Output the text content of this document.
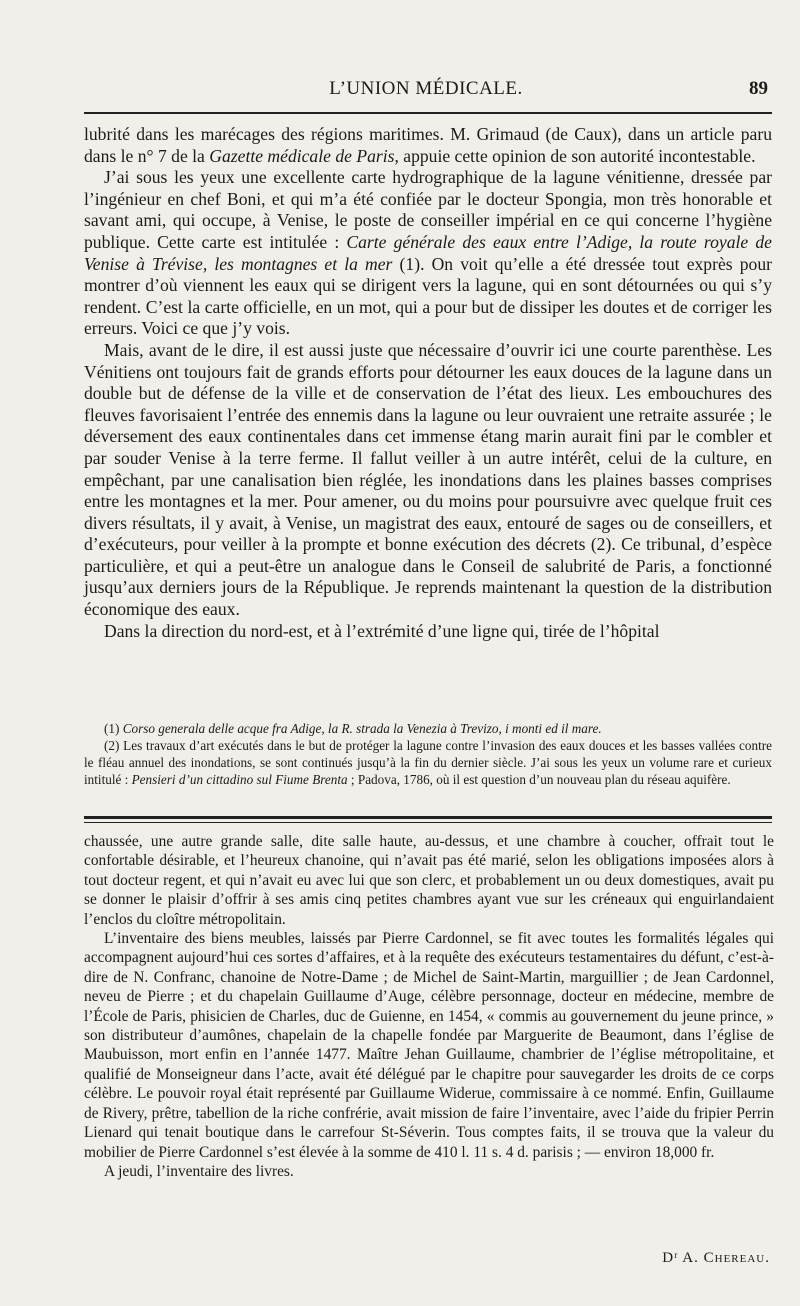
L’UNION MÉDICALE.	89

lubrité dans les marécages des régions maritimes. M. Grimaud (de Caux), dans un article paru dans le n° 7 de la Gazette médicale de Paris, appuie cette opinion de son autorité incontestable.

J’ai sous les yeux une excellente carte hydrographique de la lagune vénitienne, dressée par l’ingénieur en chef Boni, et qui m’a été confiée par le docteur Spongia, mon très honorable et savant ami, qui occupe, à Venise, le poste de conseiller impérial en ce qui concerne l’hygiène publique. Cette carte est intitulée : Carte générale des eaux entre l’Adige, la route royale de Venise à Trévise, les montagnes et la mer (1). On voit qu’elle a été dressée tout exprès pour montrer d’où viennent les eaux qui se dirigent vers la lagune, qui en sont détournées ou qui s’y rendent. C’est la carte officielle, en un mot, qui a pour but de dissiper les doutes et de corriger les erreurs. Voici ce que j’y vois.

Mais, avant de le dire, il est aussi juste que nécessaire d’ouvrir ici une courte parenthèse. Les Vénitiens ont toujours fait de grands efforts pour détourner les eaux douces de la lagune dans un double but de défense de la ville et de conservation de l’état des lieux. Les embouchures des fleuves favorisaient l’entrée des ennemis dans la lagune ou leur ouvraient une retraite assurée ; le déversement des eaux continentales dans cet immense étang marin aurait fini par le combler et par souder Venise à la terre ferme. Il fallut veiller à un autre intérêt, celui de la culture, en empêchant, par une canalisation bien réglée, les inondations dans les plaines basses comprises entre les montagnes et la mer. Pour amener, ou du moins pour poursuivre avec quelque fruit ces divers résultats, il y avait, à Venise, un magistrat des eaux, entouré de sages ou de conseillers, et d’exécuteurs, pour veiller à la prompte et bonne exécution des décrets (2). Ce tribunal, d’espèce particulière, et qui a peut-être un analogue dans le Conseil de salubrité de Paris, a fonctionné jusqu’aux derniers jours de la République. Je reprends maintenant la question de la distribution économique des eaux.

Dans la direction du nord-est, et à l’extrémité d’une ligne qui, tirée de l’hôpital

(1) Corso generala delle acque fra Adige, la R. strada la Venezia à Trevizo, i monti ed il mare.

(2) Les travaux d’art exécutés dans le but de protéger la lagune contre l’invasion des eaux douces et les basses vallées contre le fléau annuel des inondations, se sont continués jusqu’à la fin du dernier siècle. J’ai sous les yeux un volume rare et curieux intitulé : Pensieri d’un cittadino sul Fiume Brenta ; Padova, 1786, où il est question d’un nouveau plan du réseau aquifère.

chaussée, une autre grande salle, dite salle haute, au-dessus, et une chambre à coucher, offrait tout le confortable désirable, et l’heureux chanoine, qui n’avait pas été marié, selon les obligations imposées alors à tout docteur regent, et qui n’avait eu avec lui que son clerc, et probablement un ou deux domestiques, avait pu se donner le plaisir d’offrir à ses amis cinq petites chambres ayant vue sur les créneaux qui enguirlandaient l’enclos du cloître métropolitain.

L’inventaire des biens meubles, laissés par Pierre Cardonnel, se fit avec toutes les formalités légales qui accompagnent aujourd’hui ces sortes d’affaires, et à la requête des exécuteurs testamentaires du défunt, c’est-à-dire de N. Confranc, chanoine de Notre-Dame ; de Michel de Saint-Martin, marguillier ; de Jean Cardonnel, neveu de Pierre ; et du chapelain Guillaume d’Auge, célèbre personnage, docteur en médecine, membre de l’École de Paris, phisicien de Charles, duc de Guienne, en 1454, « commis au gouvernement du jeune prince, » son distributeur d’aumônes, chapelain de la chapelle fondée par Marguerite de Beaumont, dans l’église de Maubuisson, mort enfin en l’année 1477. Maître Jehan Guillaume, chambrier de l’église métropolitaine, et qualifié de Monseigneur dans l’acte, avait été délégué par le chapitre pour sauvegarder les droits de ce corps célèbre. Le pouvoir royal était représenté par Guillaume Widerue, commissaire à ce nommé. Enfin, Guillaume de Rivery, prêtre, tabellion de la riche confrérie, avait mission de faire l’inventaire, avec l’aide du fripier Perrin Lienard qui tenait boutique dans le carrefour St-Séverin. Tous comptes faits, il se trouva que la valeur du mobilier de Pierre Cardonnel s’est élevée à la somme de 410 l. 11 s. 4 d. parisis ; — environ 18,000 fr.

A jeudi, l’inventaire des livres.

Dʳ A. Chereau.
